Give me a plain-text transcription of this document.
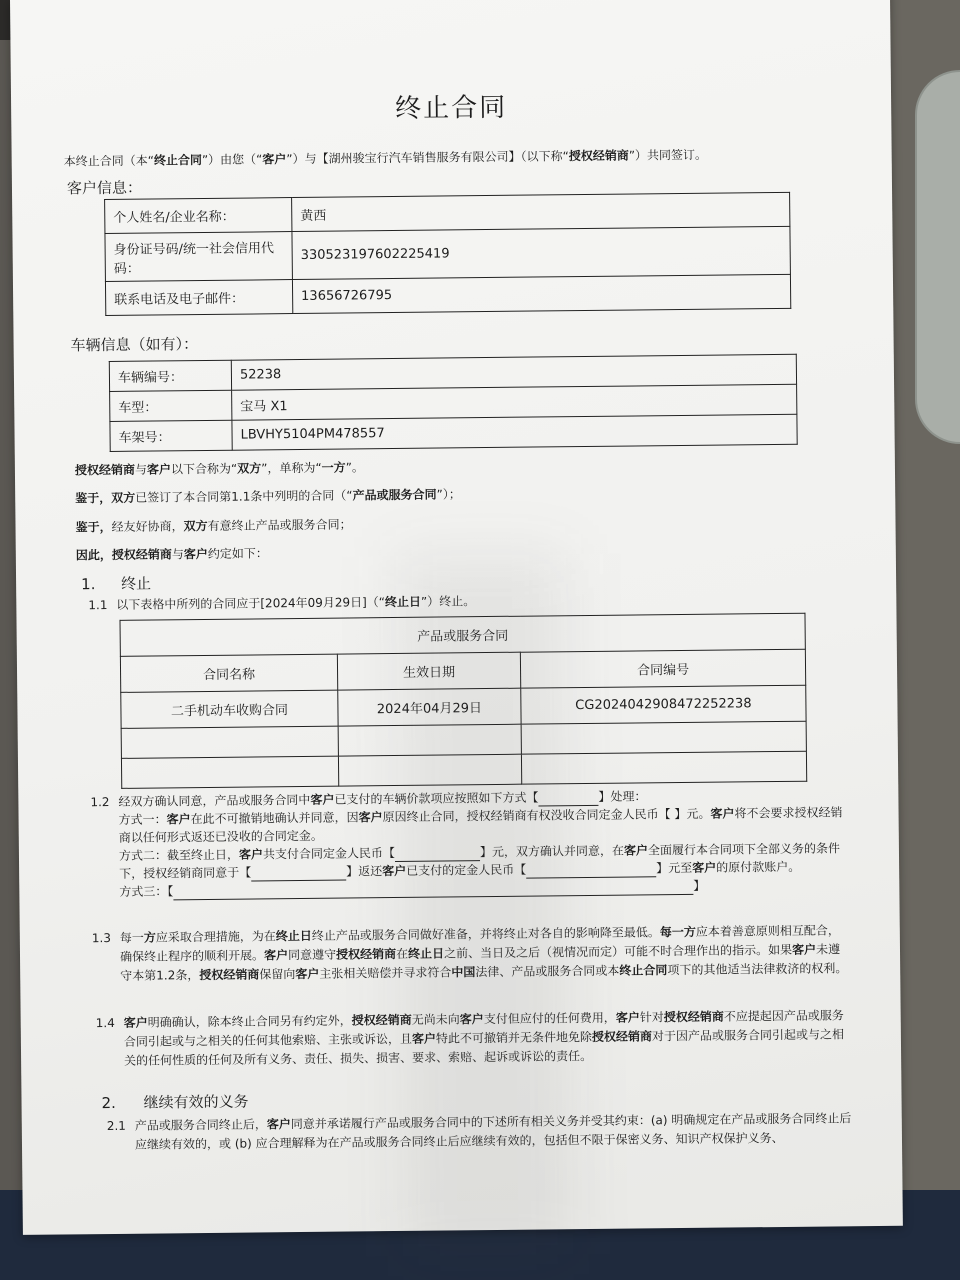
终止合同
本终止合同（本“终止合同”）由您（“客户”）与【湖州骏宝行汽车销售服务有限公司】（以下称“授权经销商”）共同签订。
客户信息：
个人姓名/企业名称：	黄西
身份证号码/统一社会信用代码：	330523197602225419
联系电话及电子邮件：	13656726795
车辆信息（如有）：
车辆编号：	52238
车型：	宝马 X1
车架号：	LBVHY5104PM478557
授权经销商与客户以下合称为“双方”，单称为“一方”。
鉴于，双方已签订了本合同第1.1条中列明的合同（“产品或服务合同”）；
鉴于，经友好协商，双方有意终止产品或服务合同；
因此，授权经销商与客户约定如下：
1. 终止
1.1 以下表格中所列的合同应于[2024年09月29日]（“终止日”）终止。
产品或服务合同		
合同名称	生效日期	合同编号
二手机动车收购合同	2024年04月29日	CG20240429084722522​38

1.2 经双方确认同意，产品或服务合同中客户已支付的车辆价款项应按照如下方式【	】处理：
方式一：客户在此不可撤销地确认并同意，因客户原因终止合同，授权经销商有权没收合同定金人民币【 】元。客户将不会要求授权经销商以任何形式返还已没收的合同定金。
方式二：截至终止日，客户共支付合同定金人民币【	】元，双方确认并同意，在客户全面履行本合同项下全部义务的条件下，授权经销商同意于【	】返还客户已支付的定金人民币【	】元至客户的原付款账户。
方式三：【	】
1.3 每一方应采取合理措施，为在终止日终止产品或服务合同做好准备，并将终止对各自的影响降至最低。每一方应本着善意原则相互配合，确保终止程序的顺利开展。客户同意遵守授权经销商在终止日之前、当日及之后（视情况而定）可能不时合理作出的指示。如果客户未遵守本第1.2条，授权经销商保留向客户主张相关赔偿并寻求符合中国法律、产品或服务合同或本终止合同项下的其他适当法律救济的权利。
1.4 客户明确确认，除本终止合同另有约定外，授权经销商无尚未向客户支付但应付的任何费用，客户针对授权经销商不应提起因产品或服务合同引起或与之相关的任何其他索赔、主张或诉讼，且客户特此不可撤销并无条件地免除授权经销商对于因产品或服务合同引起或与之相关的任何性质的任何及所有义务、责任、损失、损害、要求、索赔、起诉或诉讼的责任。
2. 继续有效的义务
2.1 产品或服务合同终止后，客户同意并承诺履行产品或服务合同中的下述所有相关义务并受其约束：(a) 明确规定在产品或服务合同终止后应继续有效的，或 (b) 应合理解释为在产品或服务合同终止后应继续有效的，包括但不限于保密义务、知识产权保护义务、
